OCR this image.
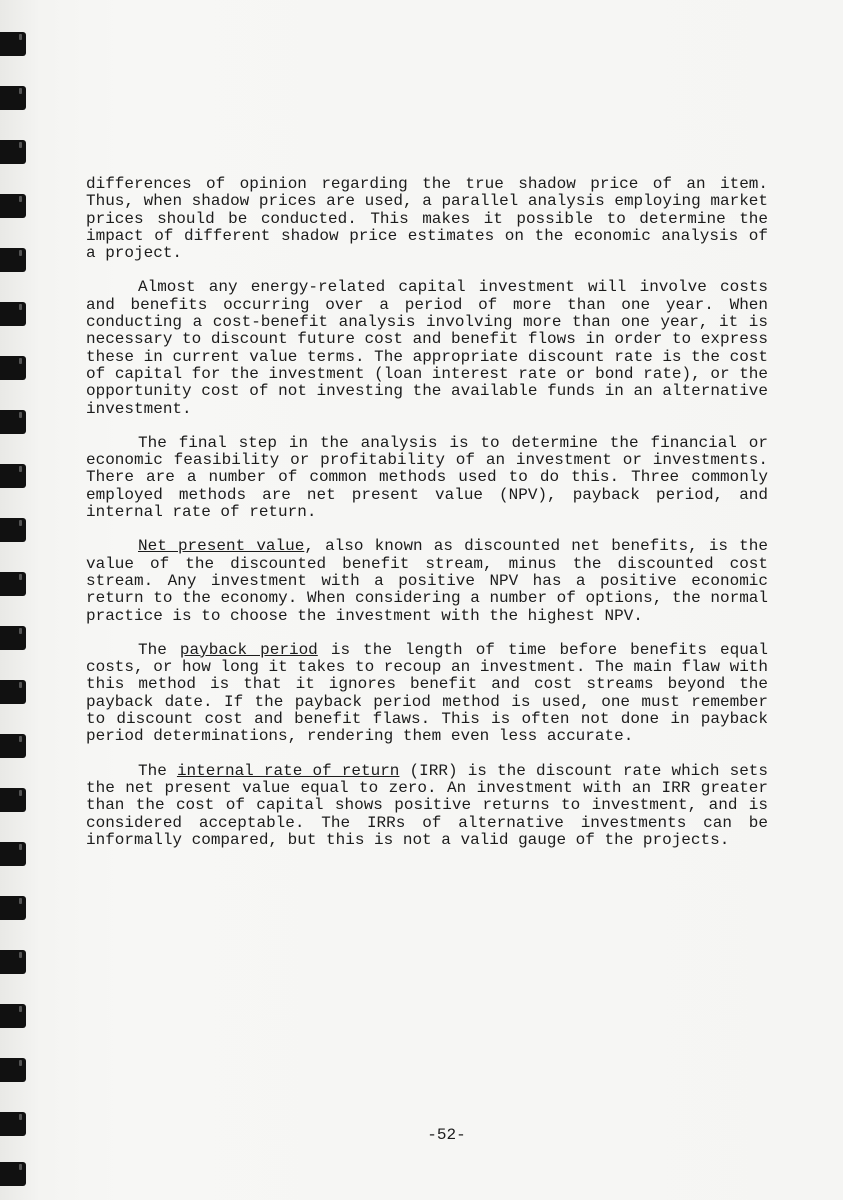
differences of opinion regarding the true shadow price of an item. Thus, when shadow prices are used, a parallel analysis employing market prices should be conducted. This makes it possible to determine the impact of different shadow price estimates on the economic analysis of a project.

Almost any energy-related capital investment will involve costs and benefits occurring over a period of more than one year. When conducting a cost-benefit analysis involving more than one year, it is necessary to discount future cost and benefit flows in order to express these in current value terms. The appropriate discount rate is the cost of capital for the investment (loan interest rate or bond rate), or the opportunity cost of not investing the available funds in an alternative investment.

The final step in the analysis is to determine the financial or economic feasibility or profitability of an investment or investments. There are a number of common methods used to do this. Three commonly employed methods are net present value (NPV), payback period, and internal rate of return.

Net present value, also known as discounted net benefits, is the value of the discounted benefit stream, minus the discounted cost stream. Any investment with a positive NPV has a positive economic return to the economy. When considering a number of options, the normal practice is to choose the investment with the highest NPV.

The payback period is the length of time before benefits equal costs, or how long it takes to recoup an investment. The main flaw with this method is that it ignores benefit and cost streams beyond the payback date. If the payback period method is used, one must remember to discount cost and benefit flaws. This is often not done in payback period determinations, rendering them even less accurate.

The internal rate of return (IRR) is the discount rate which sets the net present value equal to zero. An investment with an IRR greater than the cost of capital shows positive returns to investment, and is considered acceptable. The IRRs of alternative investments can be informally compared, but this is not a valid gauge of the projects.

-52-
